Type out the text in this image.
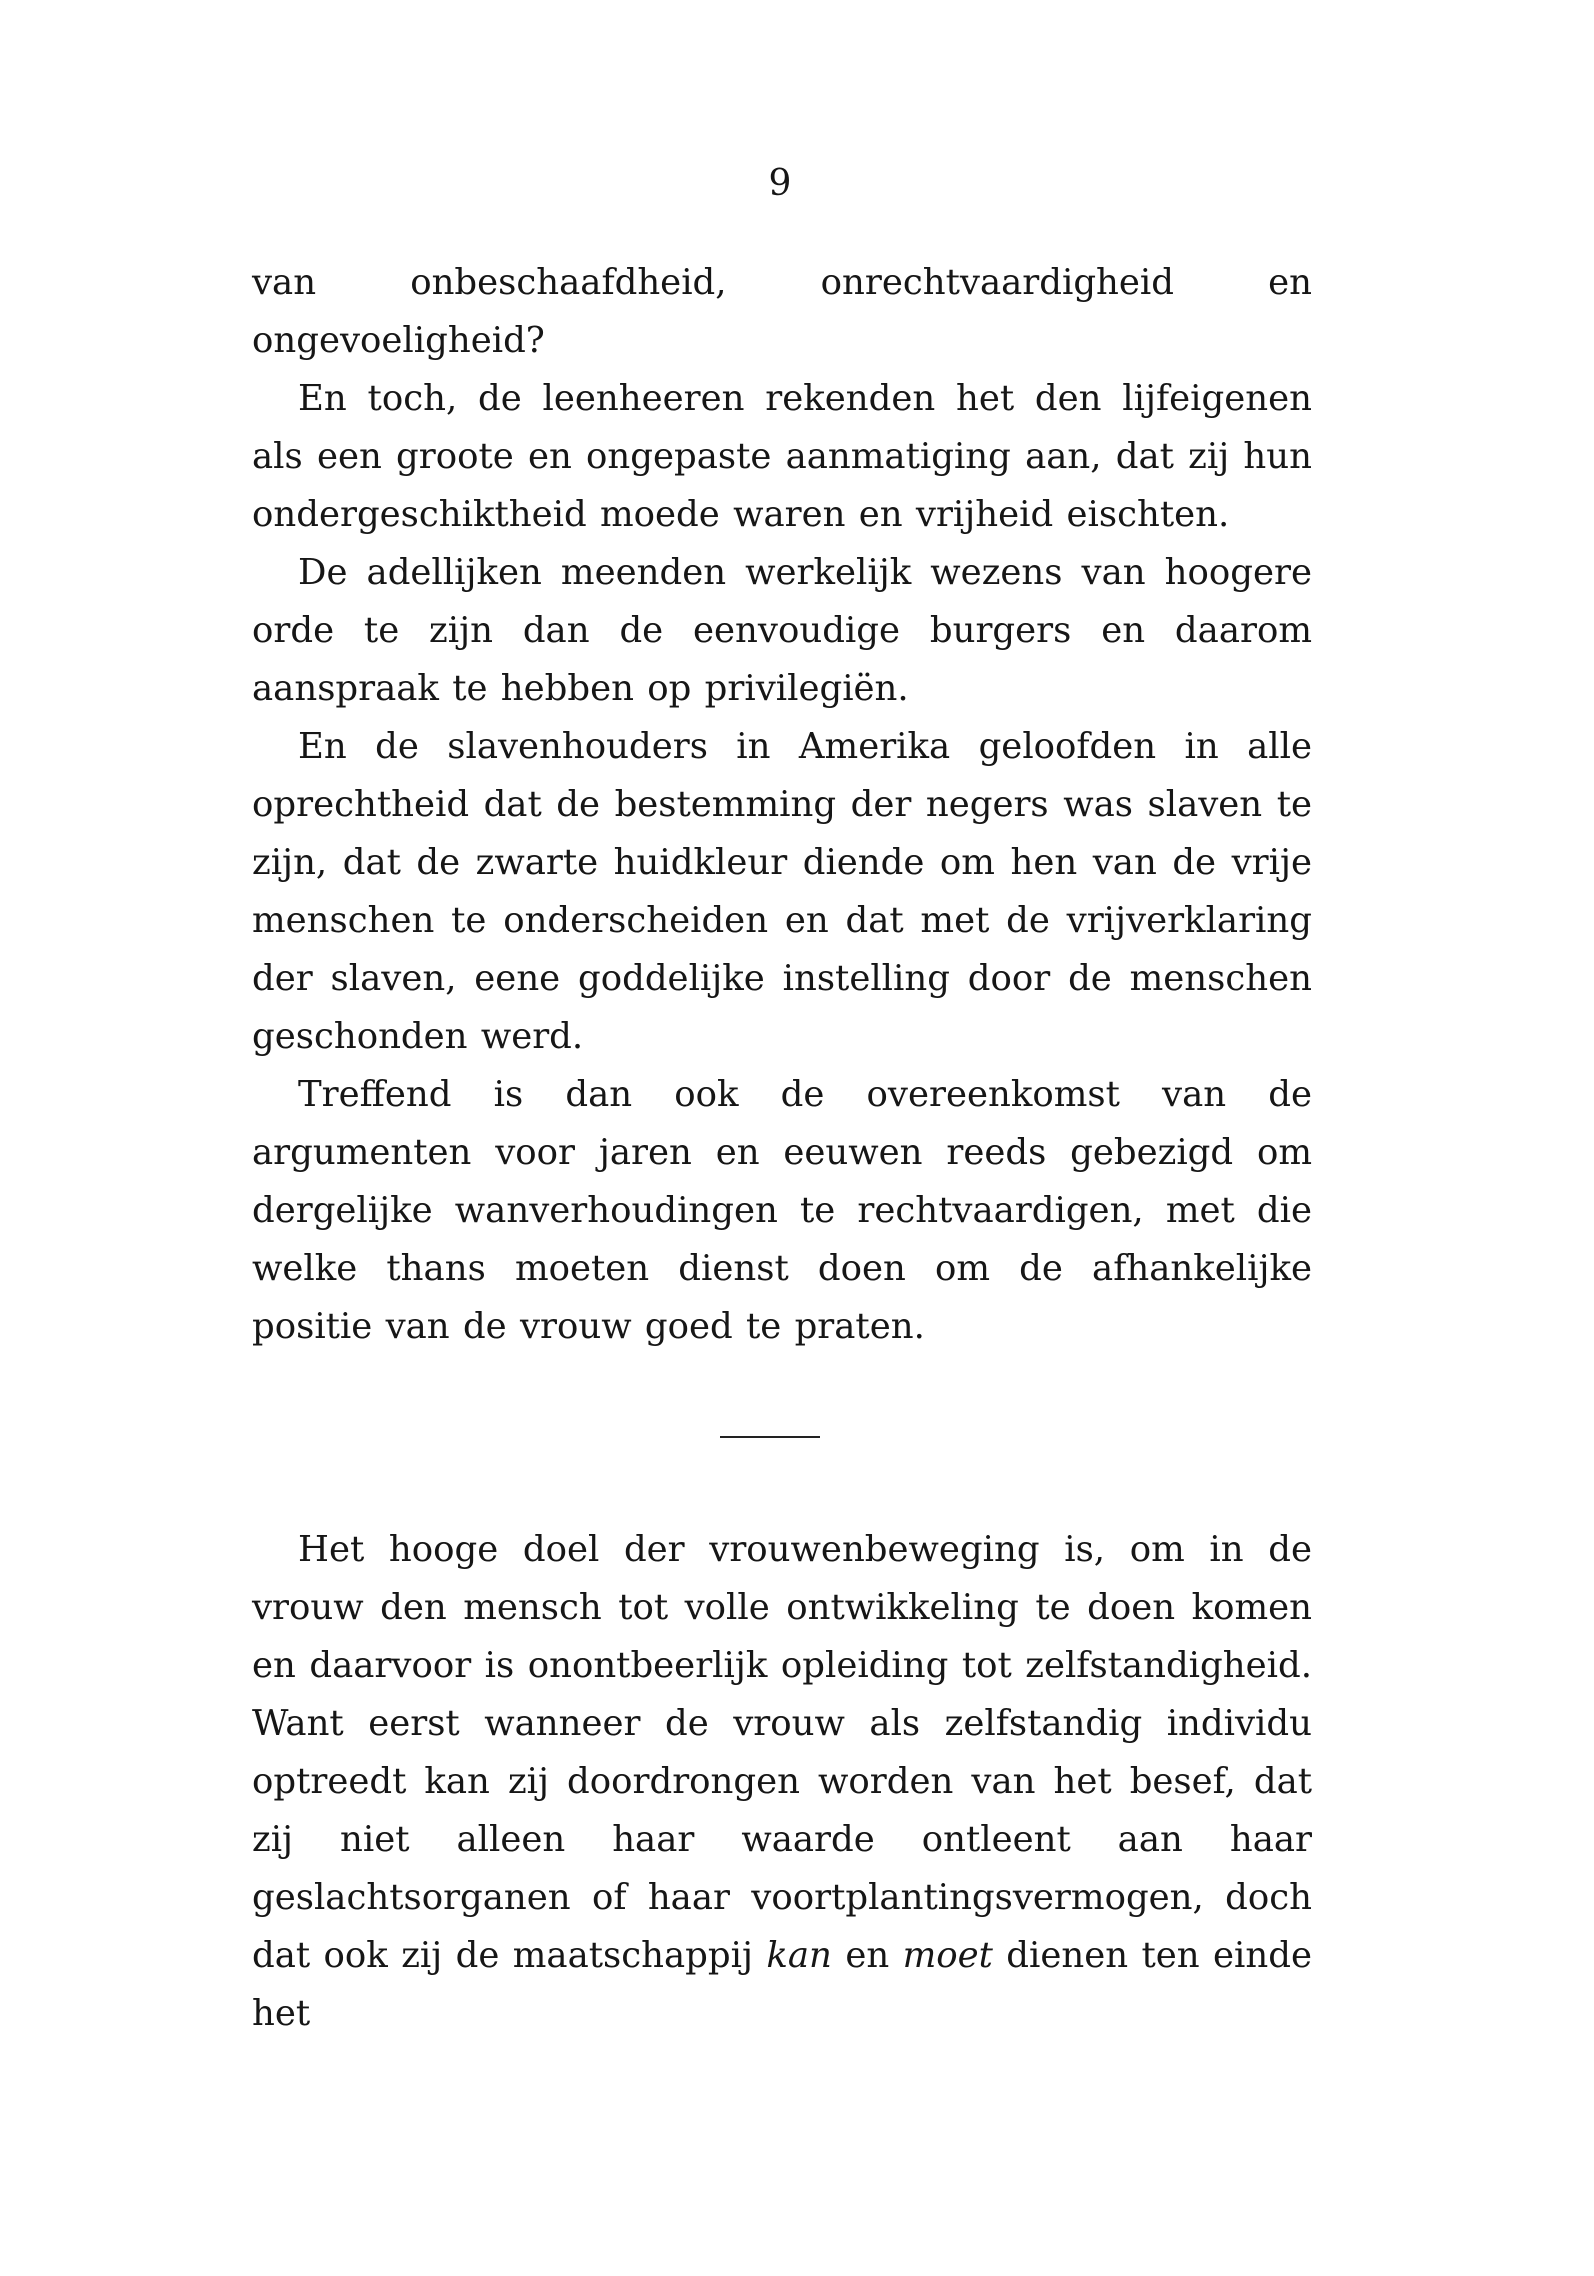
9

van onbeschaafdheid, onrechtvaardigheid en ongevoeligheid?

En toch, de leenheeren rekenden het den lijfeigenen als een groote en ongepaste aanmatiging aan, dat zij hun ondergeschiktheid moede waren en vrijheid eischten.

De adellijken meenden werkelijk wezens van hoogere orde te zijn dan de eenvoudige burgers en daarom aanspraak te hebben op privilegiën.

En de slavenhouders in Amerika geloofden in alle oprechtheid dat de bestemming der negers was slaven te zijn, dat de zwarte huidkleur diende om hen van de vrije menschen te onderscheiden en dat met de vrijverklaring der slaven, eene goddelijke instelling door de menschen geschonden werd.

Treffend is dan ook de overeenkomst van de argumenten voor jaren en eeuwen reeds gebezigd om dergelijke wanverhoudingen te rechtvaardigen, met die welke thans moeten dienst doen om de afhankelijke positie van de vrouw goed te praten.

Het hooge doel der vrouwenbeweging is, om in de vrouw den mensch tot volle ontwikkeling te doen komen en daarvoor is onontbeerlijk opleiding tot zelfstandigheid. Want eerst wanneer de vrouw als zelfstandig individu optreedt kan zij doordrongen worden van het besef, dat zij niet alleen haar waarde ontleent aan haar geslachtsorganen of haar voortplantingsvermogen, doch dat ook zij de maatschappij kan en moet dienen ten einde het
